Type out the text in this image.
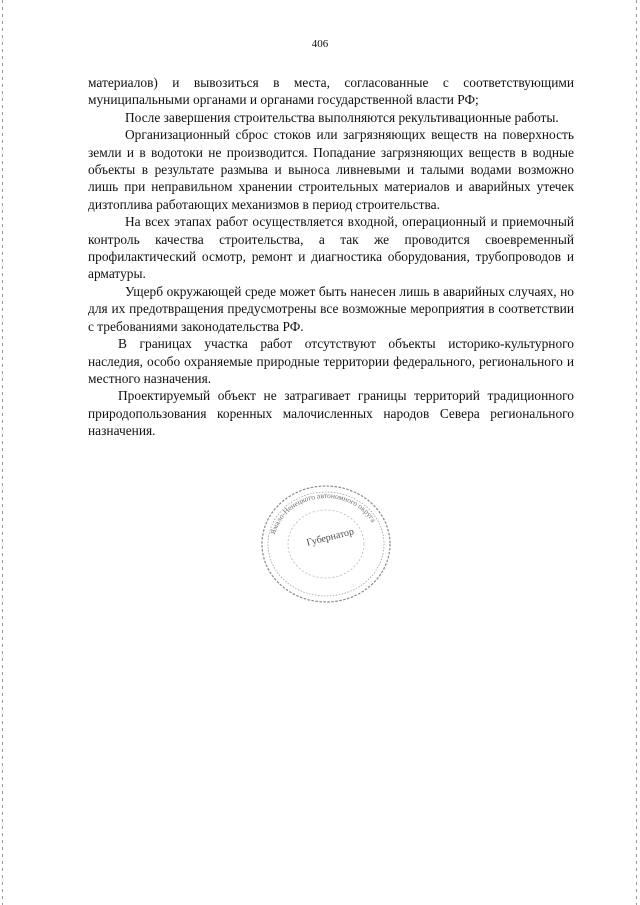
406

материалов) и вывозиться в места, согласованные с соответствующими муниципальными органами и органами государственной власти РФ;

После завершения строительства выполняются рекультивационные работы.

Организационный сброс стоков или загрязняющих веществ на поверхность земли и в водотоки не производится. Попадание загрязняющих веществ в водные объекты в результате размыва и выноса ливневыми и талыми водами возможно лишь при неправильном хранении строительных материалов и аварийных утечек дизтоплива работающих механизмов в период строительства.

На всех этапах работ осуществляется входной, операционный и приемочный контроль качества строительства, а так же проводится своевременный профилактический осмотр, ремонт и диагностика оборудования, трубопроводов и арматуры.

Ущерб окружающей среде может быть нанесен лишь в аварийных случаях, но для их предотвращения предусмотрены все возможные мероприятия в соответствии с требованиями законодательства РФ.

В границах участка работ отсутствуют объекты историко-культурного наследия, особо охраняемые природные территории федерального, регионального и местного назначения.

Проектируемый объект не затрагивает границы территорий традиционного природопользования коренных малочисленных народов Севера регионального назначения.

Ямало-Ненецкого автономного округа
Губернатор
